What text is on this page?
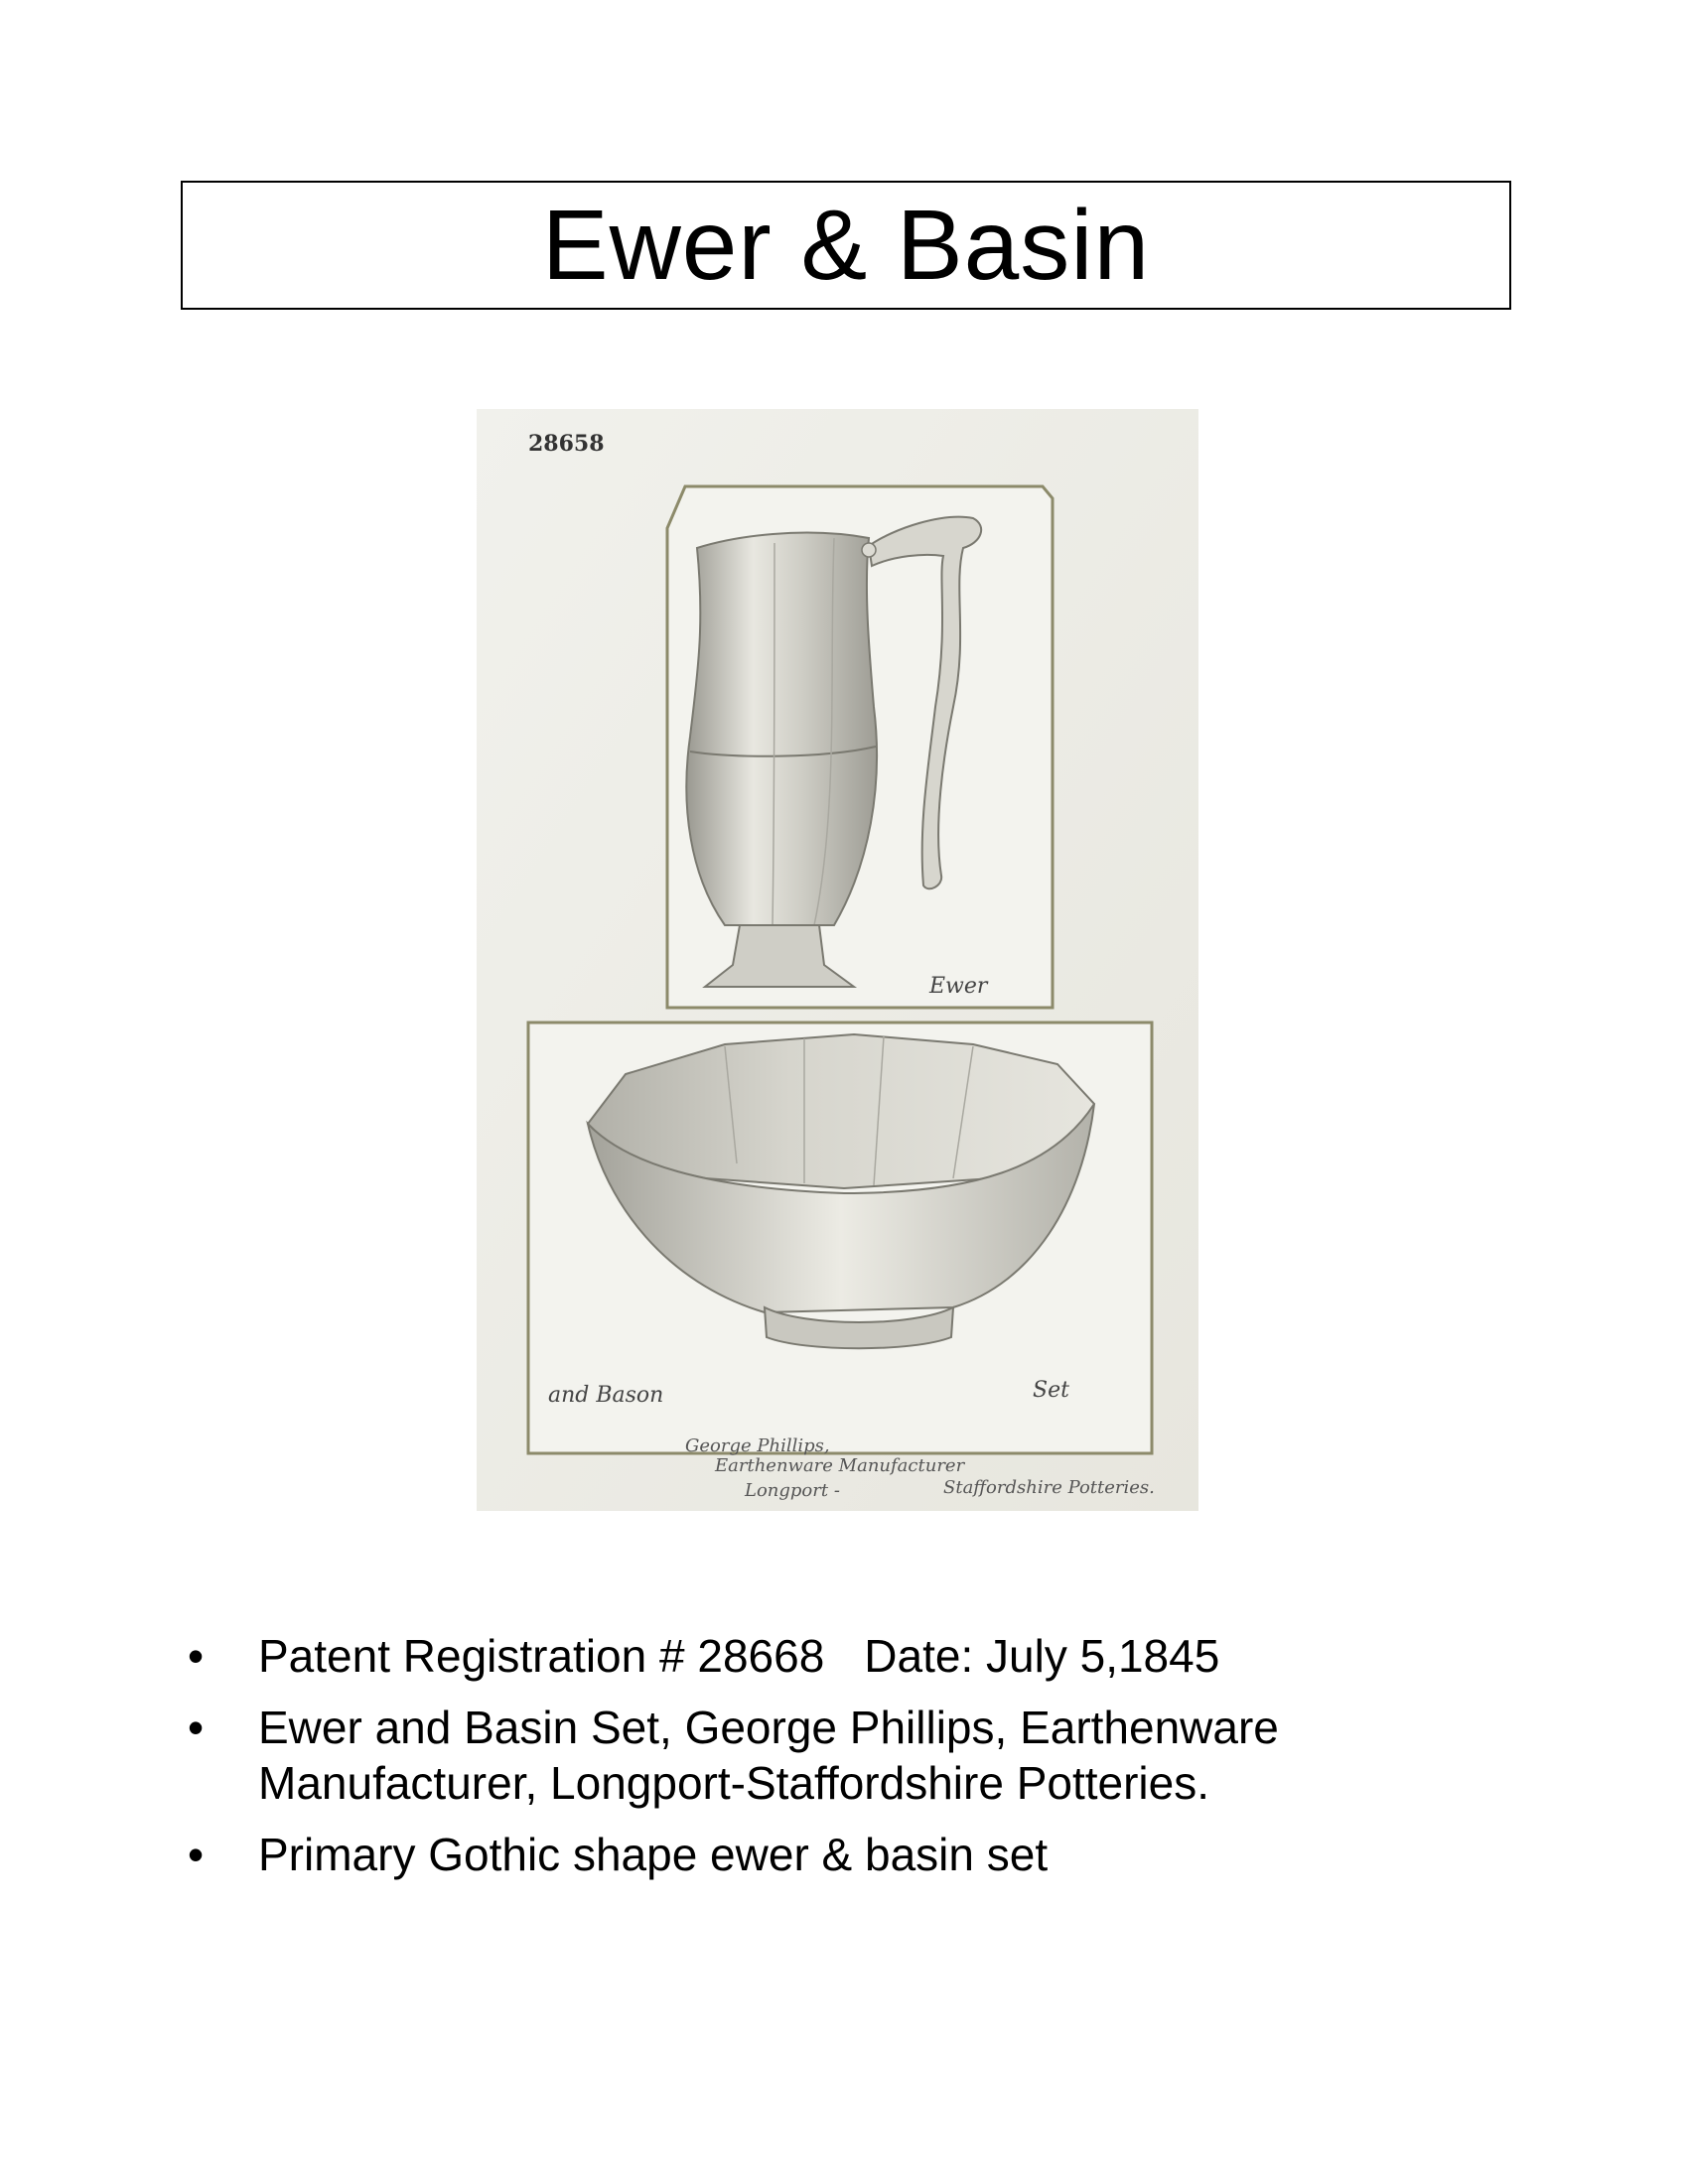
Ewer & Basin
28658
Ewer
and Bason	Set
George Phillips,
Earthenware Manufacturer
Longport -	Staffordshire Potteries.
• Patent Registration # 28668 Date: July 5,1845
• Ewer and Basin Set, George Phillips, Earthenware Manufacturer, Longport-Staffordshire Potteries.
• Primary Gothic shape ewer & basin set
